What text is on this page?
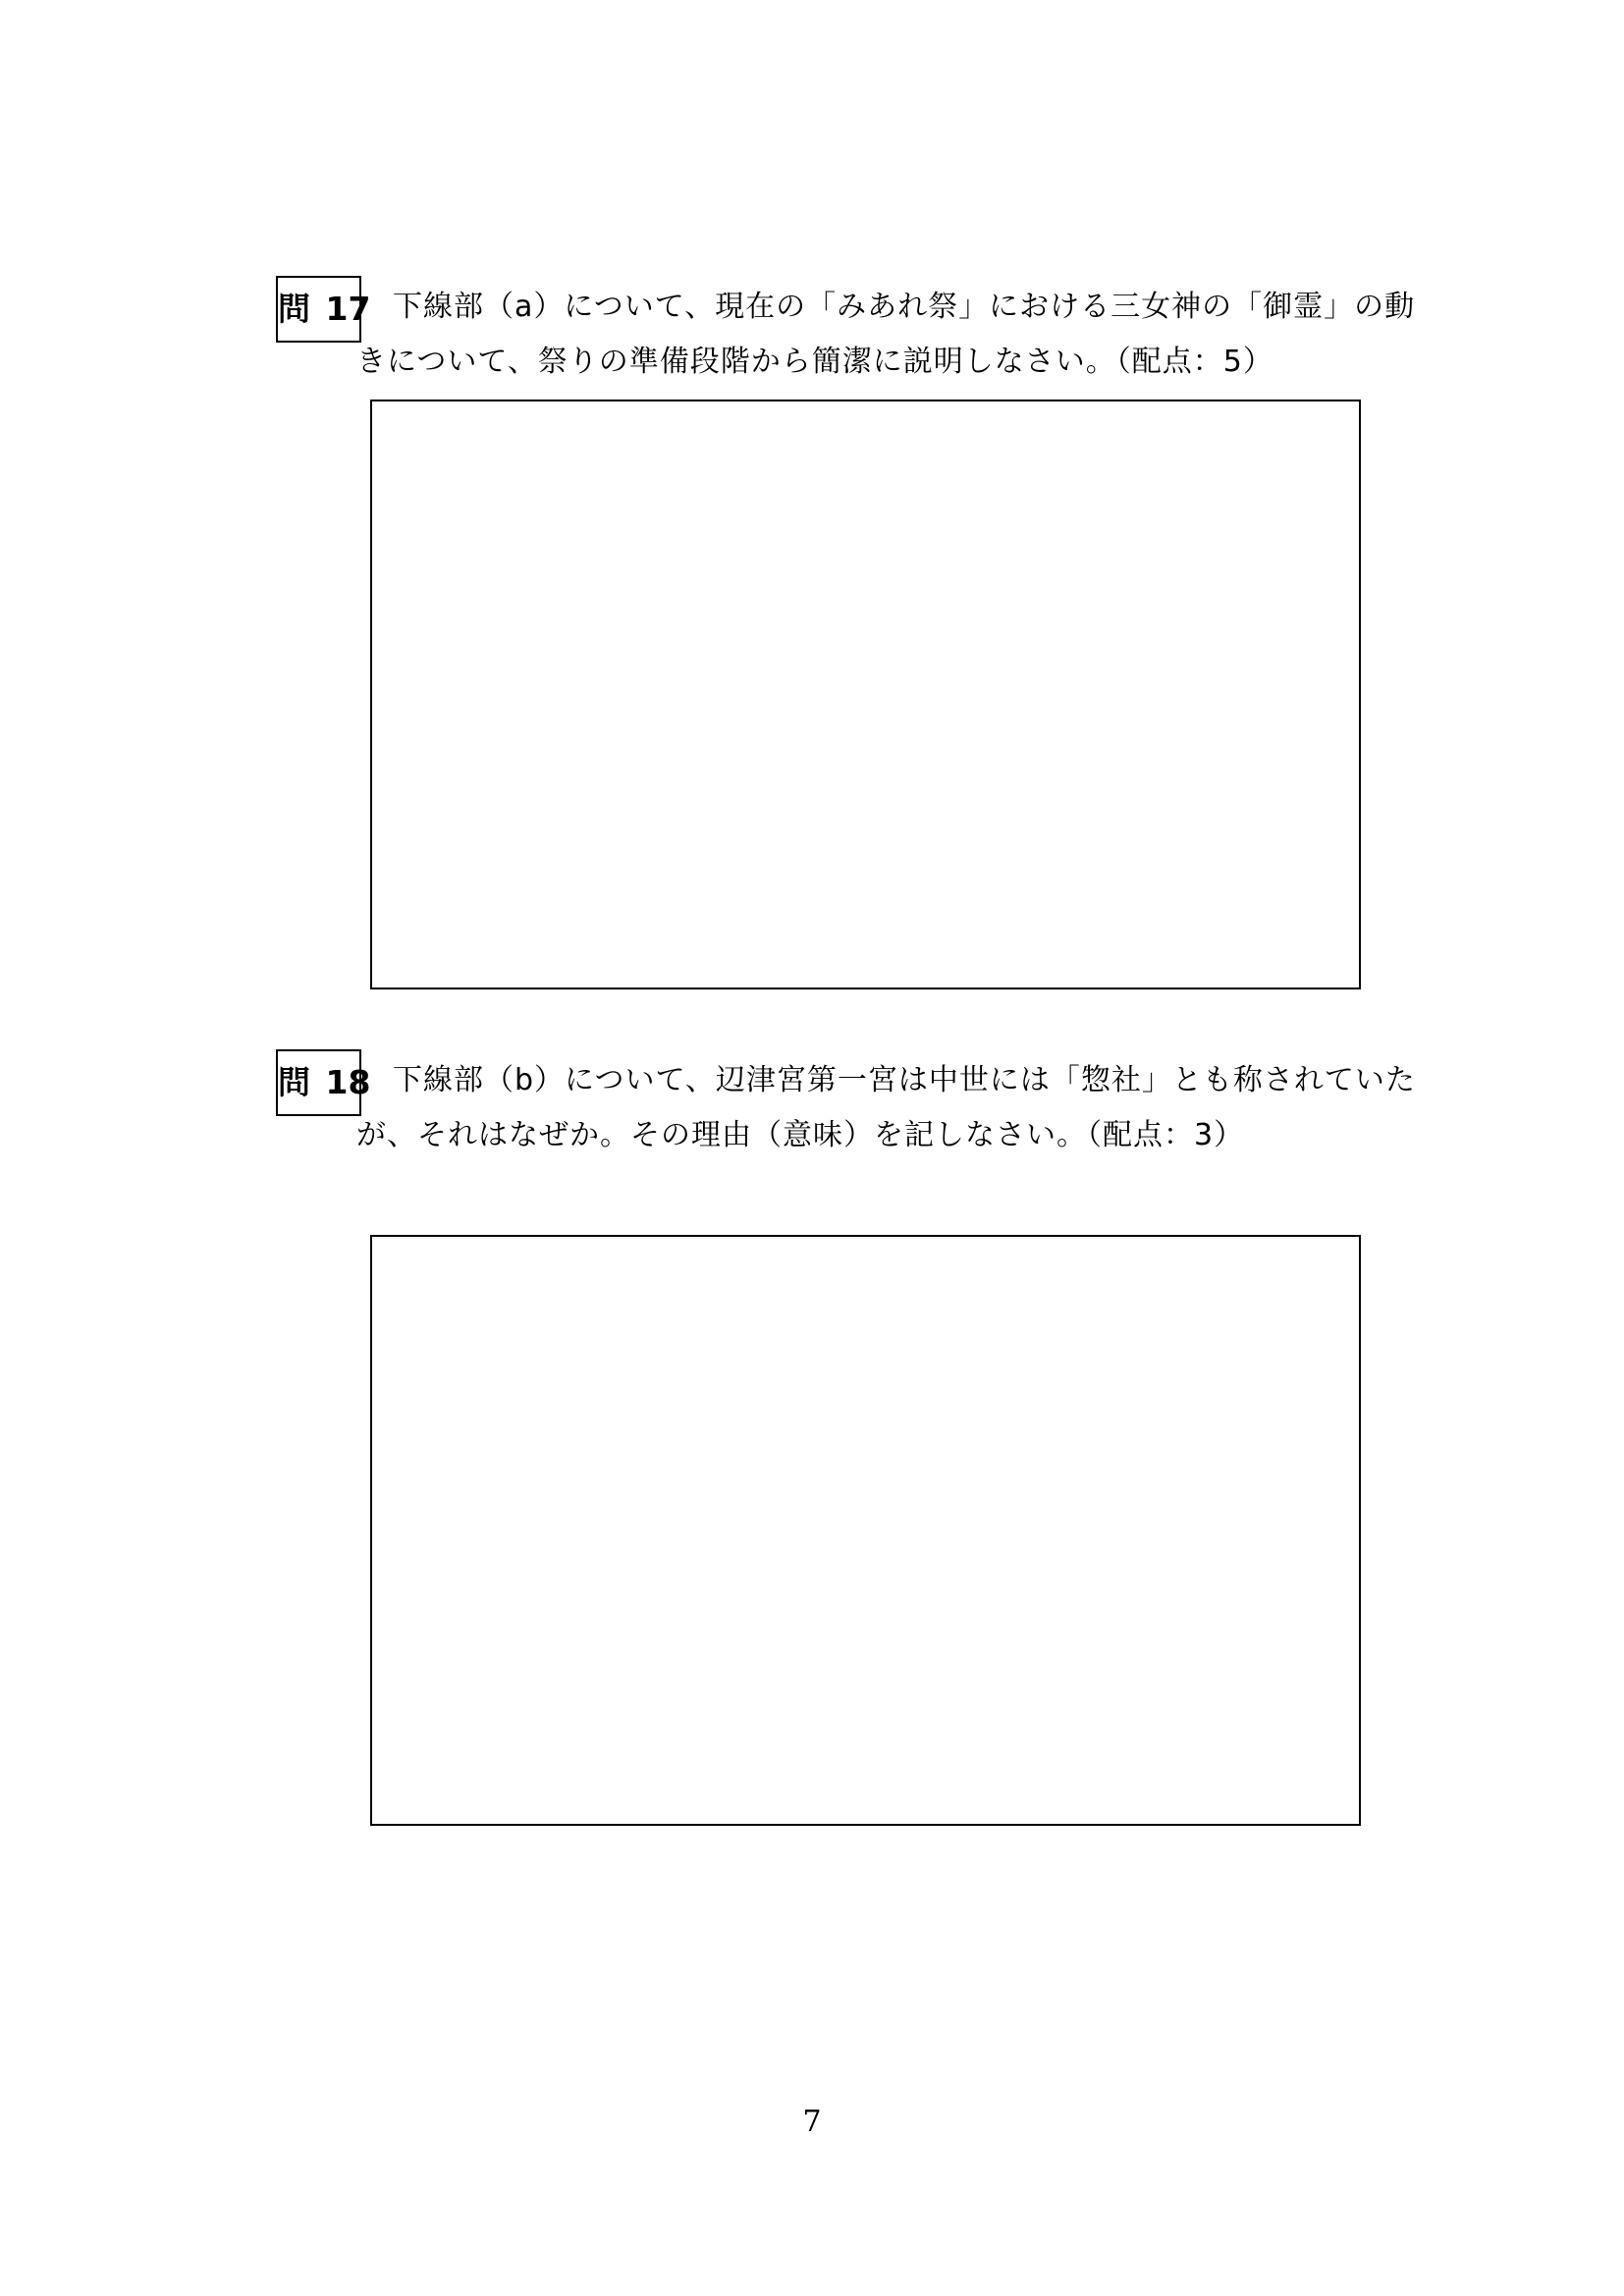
問 17 下線部（a）について、現在の「みあれ祭」における三女神の「御霊」の動
きについて、祭りの準備段階から簡潔に説明しなさい。（配点：5）
問 18 下線部（b）について、辺津宮第一宮は中世には「惣社」とも称されていた
が、それはなぜか。その理由（意味）を記しなさい。（配点：3）
7
